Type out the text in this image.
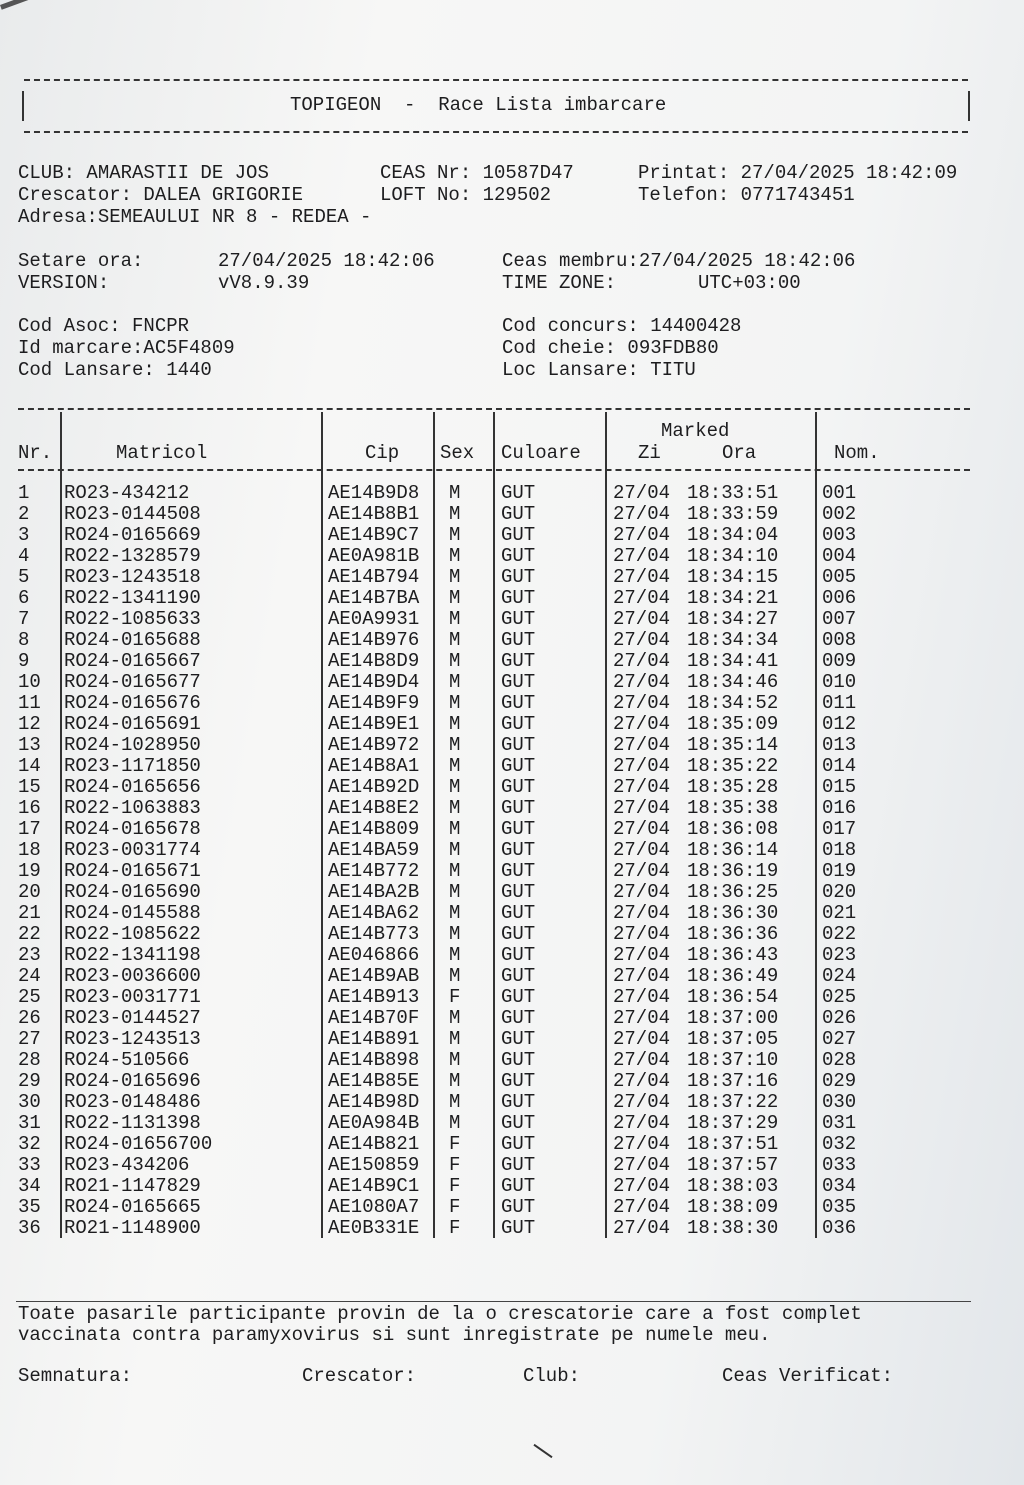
TOPIGEON  -  Race Lista imbarcare
CLUB: AMARASTII DE JOS	CEAS Nr: 10587D47	Printat: 27/04/2025 18:42:09
Crescator: DALEA GRIGORIE	LOFT No: 129502	Telefon: 0771743451
Adresa:SEMEAULUI NR 8 - REDEA -
Setare ora:	27/04/2025 18:42:06	Ceas membru:27/04/2025 18:42:06
VERSION:	vV8.9.39	TIME ZONE:	UTC+03:00
Cod Asoc: FNCPR	Cod concurs: 14400428
Id marcare:AC5F4809	Cod cheie: 093FDB80
Cod Lansare: 1440	Loc Lansare: TITU
Nr.	Matricol	Cip Sex Culoare
Marked
Zi	Ora	Nom.
1 RO23-434212	AE14B9D8 M GUT	27/04 18:33:51 001
2 RO23-0144508	AE14B8B1 M GUT	27/04 18:33:59 002
3 RO24-0165669	AE14B9C7 M GUT	27/04 18:34:04 003
4 RO22-1328579	AE0A981B M GUT	27/04 18:34:10 004
5 RO23-1243518	AE14B794 M GUT	27/04 18:34:15 005
6 RO22-1341190	AE14B7BA M GUT	27/04 18:34:21 006
7 RO22-1085633	AE0A9931 M GUT	27/04 18:34:27 007
8 RO24-0165688	AE14B976 M GUT	27/04 18:34:34 008
9 RO24-0165667	AE14B8D9 M GUT	27/04 18:34:41 009
10 RO24-0165677	AE14B9D4 M GUT	27/04 18:34:46 010
11 RO24-0165676	AE14B9F9 M GUT	27/04 18:34:52 011
12 RO24-0165691	AE14B9E1 M GUT	27/04 18:35:09 012
13 RO24-1028950	AE14B972 M GUT	27/04 18:35:14 013
14 RO23-1171850	AE14B8A1 M GUT	27/04 18:35:22 014
15 RO24-0165656	AE14B92D M GUT	27/04 18:35:28 015
16 RO22-1063883	AE14B8E2 M GUT	27/04 18:35:38 016
17 RO24-0165678	AE14B809 M GUT	27/04 18:36:08 017
18 RO23-0031774	AE14BA59 M GUT	27/04 18:36:14 018
19 RO24-0165671	AE14B772 M GUT	27/04 18:36:19 019
20 RO24-0165690	AE14BA2B M GUT	27/04 18:36:25 020
21 RO24-0145588	AE14BA62 M GUT	27/04 18:36:30 021
22 RO22-1085622	AE14B773 M GUT	27/04 18:36:36 022
23 RO22-1341198	AE046866 M GUT	27/04 18:36:43 023
24 RO23-0036600	AE14B9AB M GUT	27/04 18:36:49 024
25 RO23-0031771	AE14B913 F GUT	27/04 18:36:54 025
26 RO23-0144527	AE14B70F M GUT	27/04 18:37:00 026
27 RO23-1243513	AE14B891 M GUT	27/04 18:37:05 027
28 RO24-510566	AE14B898 M GUT	27/04 18:37:10 028
29 RO24-0165696	AE14B85E M GUT	27/04 18:37:16 029
30 RO23-0148486	AE14B98D M GUT	27/04 18:37:22 030
31 RO22-1131398	AE0A984B M GUT	27/04 18:37:29 031
32 RO24-01656700	AE14B821 F GUT	27/04 18:37:51 032
33 RO23-434206	AE150859 F GUT	27/04 18:37:57 033
34 RO21-1147829	AE14B9C1 F GUT	27/04 18:38:03 034
35 RO24-0165665	AE1080A7 F GUT	27/04 18:38:09 035
36 RO21-1148900	AE0B331E F GUT	27/04 18:38:30 036
Toate pasarile participante provin de la o crescatorie care a fost complet
vaccinata contra paramyxovirus si sunt inregistrate pe numele meu.
Semnatura:	Crescator:	Club:	Ceas Verificat:
